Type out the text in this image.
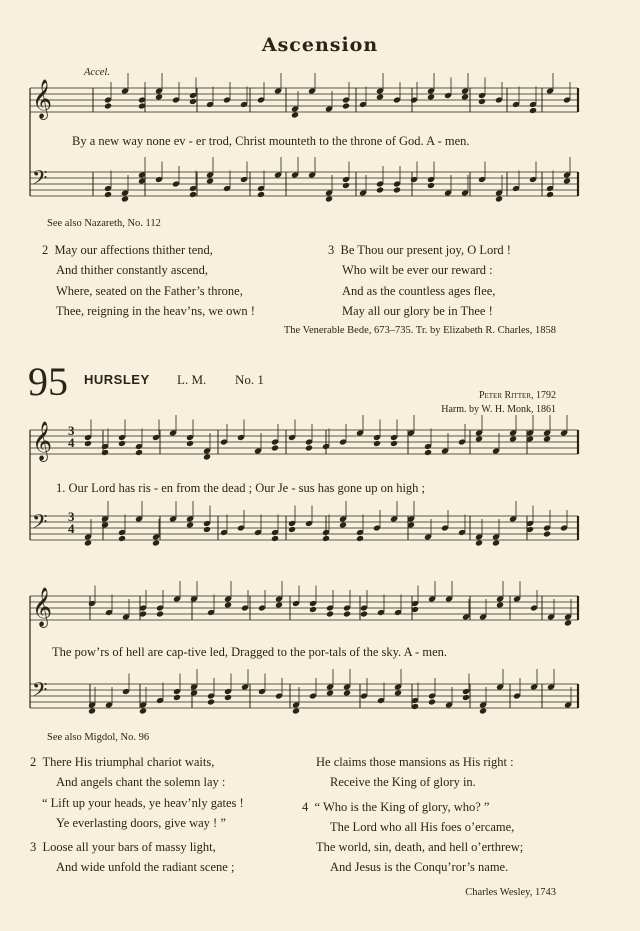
Ascension
𝄞
𝄢
𝄞
𝄢
3
4
3
4
𝄞
𝄢
Accel.
By a new way none ev - er trod, Christ mounteth to the throne of God. A - men.
See also Nazareth, No. 112
2 May our affections thither tend,
And thither constantly ascend,
Where, seated on the Father’s throne,
Thee, reigning in the heav’ns, we own !
3 Be Thou our present joy, O Lord !
Who wilt be ever our reward :
And as the countless ages flee,
May all our glory be in Thee !
The Venerable Bede, 673–735. Tr. by Elizabeth R. Charles, 1858
95 HURSLEY L. M. No. 1
Peter Ritter, 1792
Harm. by W. H. Monk, 1861
1. Our Lord has ris - en from the dead ; Our Je - sus has gone up on high ;
The pow’rs of hell are cap-tive led, Dragged to the por-tals of the sky. A - men.
See also Migdol, No. 96
2 There His triumphal chariot waits,
And angels chant the solemn lay :
“ Lift up your heads, ye heav’nly gates !
Ye everlasting doors, give way ! ”
3 Loose all your bars of massy light,
And wide unfold the radiant scene ;
He claims those mansions as His right :
Receive the King of glory in.
4 “ Who is the King of glory, who? ”
The Lord who all His foes o’ercame,
The world, sin, death, and hell o’erthrew;
And Jesus is the Conqu’ror’s name.
Charles Wesley, 1743
